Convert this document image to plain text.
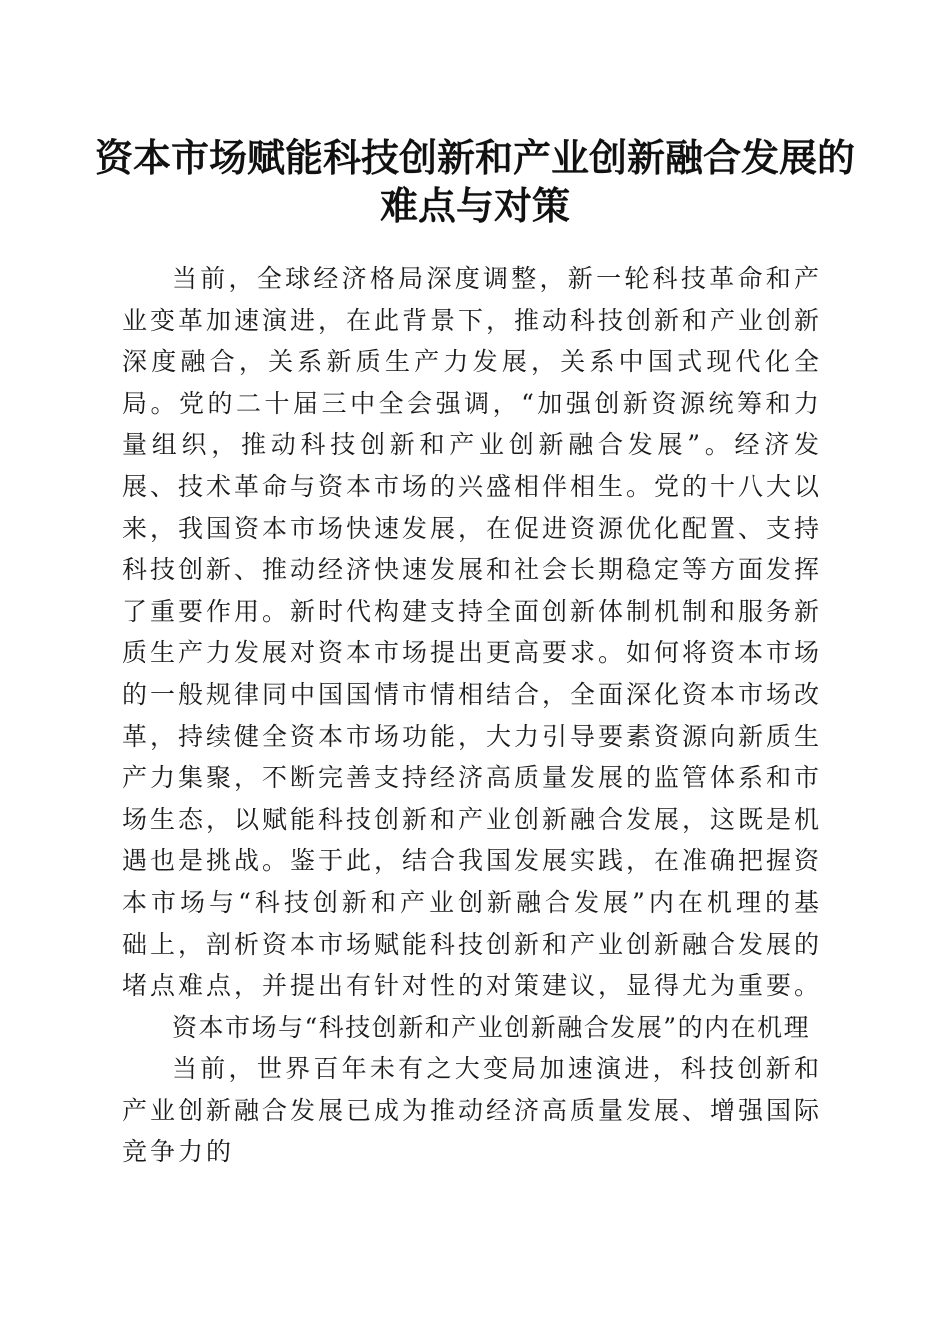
资本市场赋能科技创新和产业创新融合发展的
难点与对策

当前，全球经济格局深度调整，新一轮科技革命和产业变革加速演进，在此背景下，推动科技创新和产业创新深度融合，关系新质生产力发展，关系中国式现代化全局。党的二十届三中全会强调，“加强创新资源统筹和力量组织，推动科技创新和产业创新融合发展”。经济发展、技术革命与资本市场的兴盛相伴相生。党的十八大以来，我国资本市场快速发展，在促进资源优化配置、支持科技创新、推动经济快速发展和社会长期稳定等方面发挥了重要作用。新时代构建支持全面创新体制机制和服务新质生产力发展对资本市场提出更高要求。如何将资本市场的一般规律同中国国情市情相结合，全面深化资本市场改革，持续健全资本市场功能，大力引导要素资源向新质生产力集聚，不断完善支持经济高质量发展的监管体系和市场生态，以赋能科技创新和产业创新融合发展，这既是机遇也是挑战。鉴于此，结合我国发展实践，在准确把握资本市场与“科技创新和产业创新融合发展”内在机理的基础上，剖析资本市场赋能科技创新和产业创新融合发展的堵点难点，并提出有针对性的对策建议，显得尤为重要。

资本市场与“科技创新和产业创新融合发展”的内在机理

当前，世界百年未有之大变局加速演进，科技创新和产业创新融合发展已成为推动经济高质量发展、增强国际竞争力的
